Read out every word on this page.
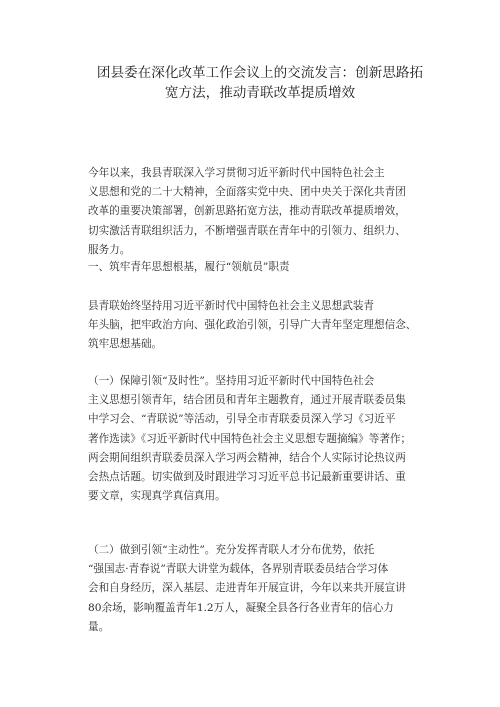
团县委在深化改革工作会议上的交流发言：创新思路拓
宽方法，推动青联改革提质增效
今年以来，我县青联深入学习贯彻习近平新时代中国特色社会主
义思想和党的二十大精神，全面落实党中央、团中央关于深化共青团
改革的重要决策部署，创新思路拓宽方法，推动青联改革提质增效，
切实激活青联组织活力，不断增强青联在青年中的引领力、组织力、
服务力。
一、筑牢青年思想根基，履行“领航员”职责
县青联始终坚持用习近平新时代中国特色社会主义思想武装青
年头脑，把牢政治方向、强化政治引领，引导广大青年坚定理想信念、
筑牢思想基础。
（一）保障引领“及时性”。坚持用习近平新时代中国特色社会
主义思想引领青年，结合团员和青年主题教育，通过开展青联委员集
中学习会、“青联说”等活动，引导全市青联委员深入学习《习近平
著作选读》《习近平新时代中国特色社会主义思想专题摘编》等著作；
两会期间组织青联委员深入学习两会精神，结合个人实际讨论热议两
会热点话题。切实做到及时跟进学习习近平总书记最新重要讲话、重
要文章，实现真学真信真用。
（二）做到引领“主动性”。充分发挥青联人才分布优势，依托
“强国志·青春说”青联大讲堂为载体，各界别青联委员结合学习体
会和自身经历，深入基层、走进青年开展宣讲，今年以来共开展宣讲
80余场，影响覆盖青年1.2万人，凝聚全县各行各业青年的信心力
量。
